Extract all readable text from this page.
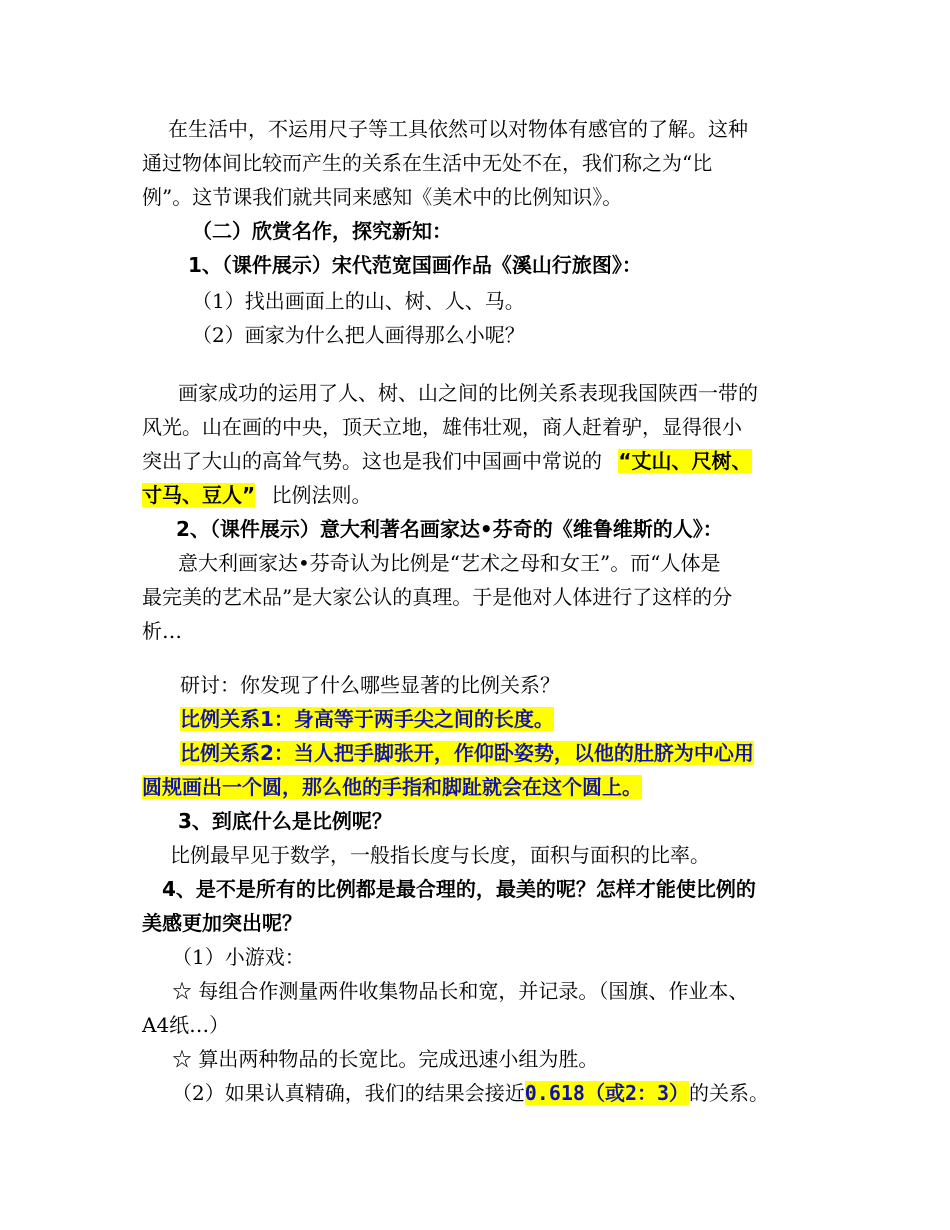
在生活中，不运用尺子等工具依然可以对物体有感官的了解。这种
通过物体间比较而产生的关系在生活中无处不在，我们称之为“比
例”。这节课我们就共同来感知《美术中的比例知识》。
（二）欣赏名作，探究新知：
1、（课件展示）宋代范宽国画作品《溪山行旅图》：
（1）找出画面上的山、树、人、马。
（2）画家为什么把人画得那么小呢？
画家成功的运用了人、树、山之间的比例关系表现我国陕西一带的
风光。山在画的中央，顶天立地，雄伟壮观，商人赶着驴，显得很小
突出了大山的高耸气势。这也是我们中国画中常说的 “丈山、尺树、
寸马、豆人” 比例法则。
2、（课件展示）意大利著名画家达•芬奇的《维鲁维斯的人》：
意大利画家达•芬奇认为比例是“艺术之母和女王”。而“人体是
最完美的艺术品”是大家公认的真理。于是他对人体进行了这样的分
析…
研讨：你发现了什么哪些显著的比例关系？
比例关系1：身高等于两手尖之间的长度。
比例关系2：当人把手脚张开，作仰卧姿势，以他的肚脐为中心用
圆规画出一个圆，那么他的手指和脚趾就会在这个圆上。
3、到底什么是比例呢？
比例最早见于数学，一般指长度与长度，面积与面积的比率。
4、是不是所有的比例都是最合理的，最美的呢？怎样才能使比例的
美感更加突出呢？
（1）小游戏：
☆ 每组合作测量两件收集物品长和宽，并记录。（国旗、作业本、
A4纸…）
☆ 算出两种物品的长宽比。完成迅速小组为胜。
（2）如果认真精确，我们的结果会接近0.618（或2：3）的关系。
